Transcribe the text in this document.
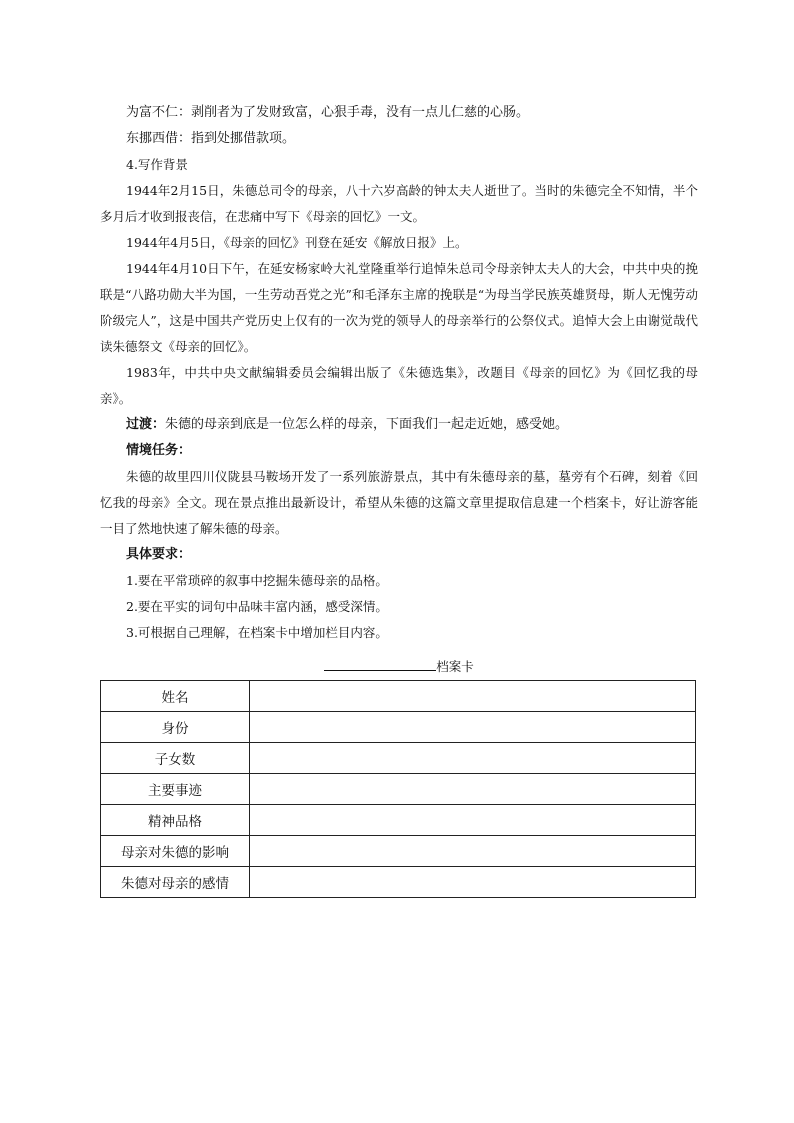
为富不仁：剥削者为了发财致富，心狠手毒，没有一点儿仁慈的心肠。

东挪西借：指到处挪借款项。

4.写作背景

1944年2月15日，朱德总司令的母亲，八十六岁高龄的钟太夫人逝世了。当时的朱德完全不知情，半个多月后才收到报丧信，在悲痛中写下《母亲的回忆》一文。

1944年4月5日，《母亲的回忆》刊登在延安《解放日报》上。

1944年4月10日下午，在延安杨家岭大礼堂隆重举行追悼朱总司令母亲钟太夫人的大会，中共中央的挽联是“八路功勋大半为国，一生劳动吾党之光”和毛泽东主席的挽联是“为母当学民族英雄贤母，斯人无愧劳动阶级完人”，这是中国共产党历史上仅有的一次为党的领导人的母亲举行的公祭仪式。追悼大会上由谢觉哉代读朱德祭文《母亲的回忆》。

1983年，中共中央文献编辑委员会编辑出版了《朱德选集》，改题目《母亲的回忆》为《回忆我的母亲》。

过渡：朱德的母亲到底是一位怎么样的母亲，下面我们一起走近她，感受她。

情境任务：

朱德的故里四川仪陇县马鞍场开发了一系列旅游景点，其中有朱德母亲的墓，墓旁有个石碑，刻着《回忆我的母亲》全文。现在景点推出最新设计，希望从朱德的这篇文章里提取信息建一个档案卡，好让游客能一目了然地快速了解朱德的母亲。

具体要求：

1.要在平常琐碎的叙事中挖掘朱德母亲的品格。

2.要在平实的词句中品味丰富内涵，感受深情。

3.可根据自己理解，在档案卡中增加栏目内容。

档案卡
姓名	
身份	
子女数	
主要事迹	
精神品格	
母亲对朱德的影响	
朱德对母亲的感情	
